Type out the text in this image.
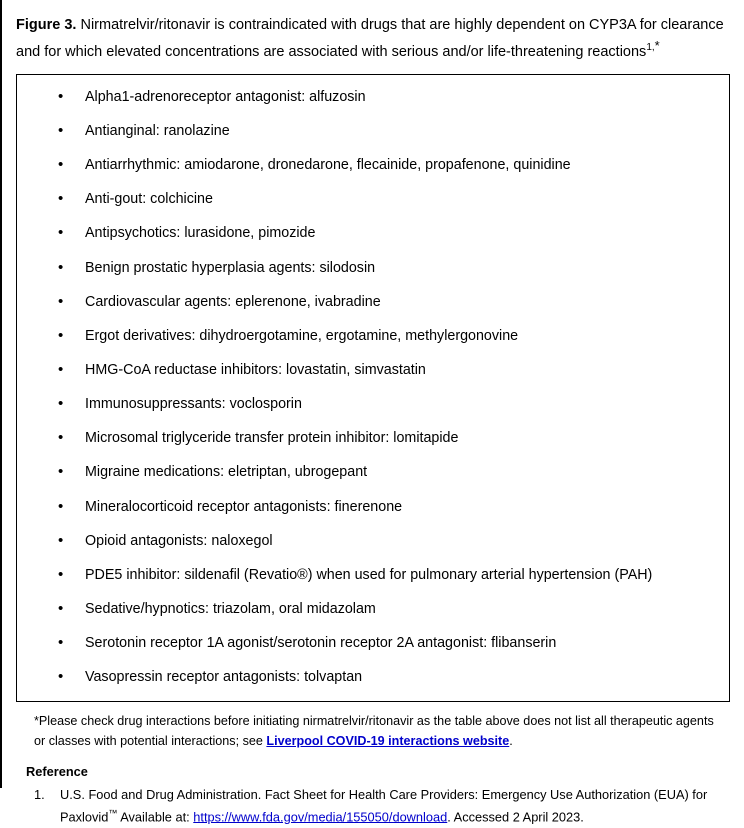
Figure 3. Nirmatrelvir/ritonavir is contraindicated with drugs that are highly dependent on CYP3A for clearance and for which elevated concentrations are associated with serious and/or life-threatening reactions$^{1,}$*
• Alpha1-adrenoreceptor antagonist: alfuzosin
• Antianginal: ranolazine
• Antiarrhythmic: amiodarone, dronedarone, flecainide, propafenone, quinidine
• Anti-gout: colchicine
• Antipsychotics: lurasidone, pimozide
• Benign prostatic hyperplasia agents: silodosin
• Cardiovascular agents: eplerenone, ivabradine
• Ergot derivatives: dihydroergotamine, ergotamine, methylergonovine
• HMG-CoA reductase inhibitors: lovastatin, simvastatin
• Immunosuppressants: voclosporin
• Microsomal triglyceride transfer protein inhibitor: lomitapide
• Migraine medications: eletriptan, ubrogepant
• Mineralocorticoid receptor antagonists: finerenone
• Opioid antagonists: naloxegol
• PDE5 inhibitor: sildenafil (Revatio®) when used for pulmonary arterial hypertension (PAH)
• Sedative/hypnotics: triazolam, oral midazolam
• Serotonin receptor 1A agonist/serotonin receptor 2A antagonist: flibanserin
• Vasopressin receptor antagonists: tolvaptan
*Please check drug interactions before initiating nirmatrelvir/ritonavir as the table above does not list all therapeutic agents or classes with potential interactions; see Liverpool COVID-19 interactions website.
Reference
1. U.S. Food and Drug Administration. Fact Sheet for Health Care Providers: Emergency Use Authorization (EUA) for Paxlovid™ Available at: https://www.fda.gov/media/155050/download. Accessed 2 April 2023.
